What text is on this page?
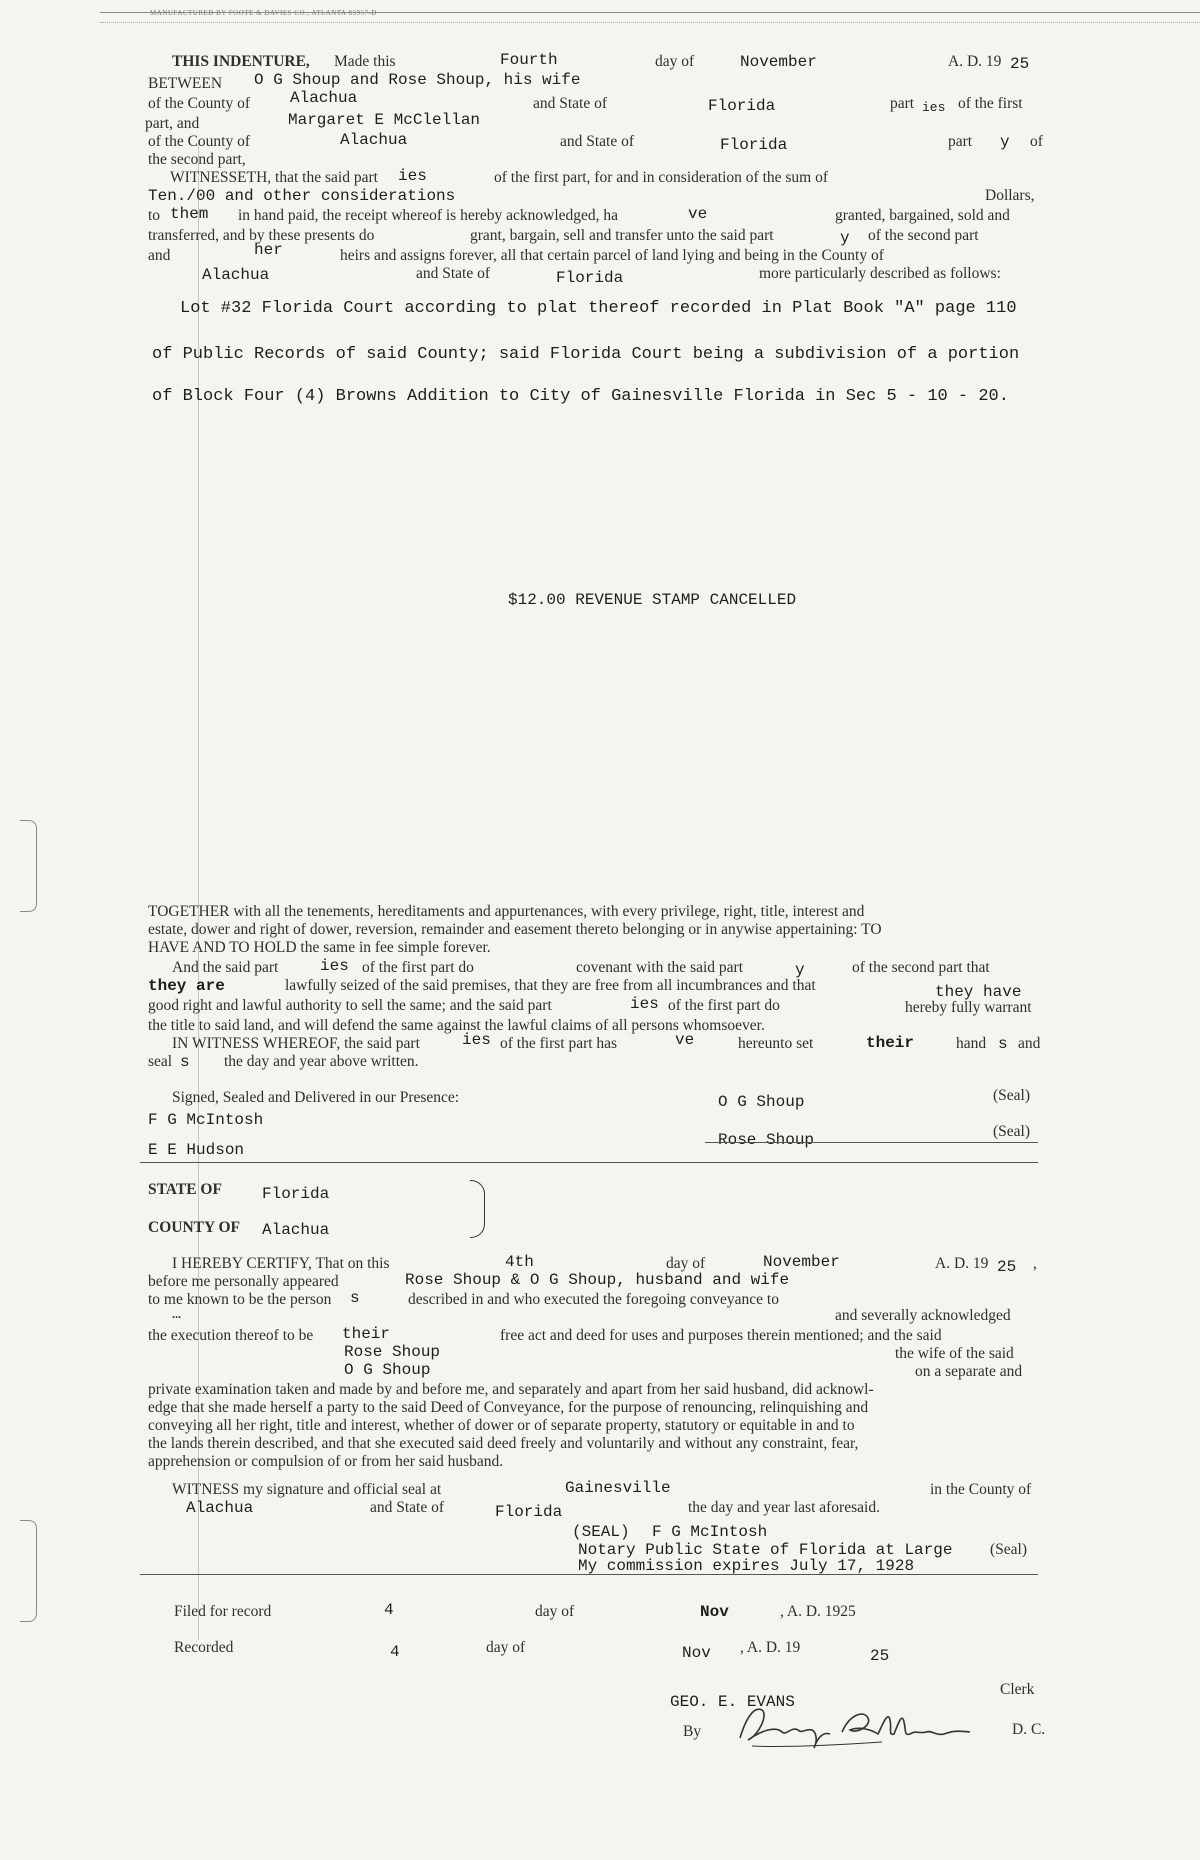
MANUFACTURED BY FOOTE & DAVIES CO., ATLANTA 85957-D
THIS INDENTURE, Made this	Fourth	day of	November	A. D. 19 25
BETWEEN O G Shoup and Rose Shoup, his wife
of the County of Alachua	and State of	Florida	part ies of the first
part, and	Margaret E McClellan
of the County of	Alachua	and State of	Florida	part y of
the second part,
WITNESSETH, that the said part ies	of the first part, for and in consideration of the sum of
Ten./00 and other considerations	Dollars,
to them in hand paid, the receipt whereof is hereby acknowledged, ha	ve	granted, bargained, sold and
transferred, and by these presents do	grant, bargain, sell and transfer unto the said part	y of the second part
and	her	heirs and assigns forever, all that certain parcel of land lying and being in the County of
Alachua	and State of	Florida	more particularly described as follows:
Lot #32 Florida Court according to plat thereof recorded in Plat Book "A" page 110
of Public Records of said County; said Florida Court being a subdivision of a portion
of Block Four (4) Browns Addition to City of Gainesville Florida in Sec 5 - 10 - 20.
$12.00 REVENUE STAMP CANCELLED
TOGETHER with all the tenements, hereditaments and appurtenances, with every privilege, right, title, interest and
estate, dower and right of dower, reversion, remainder and easement thereto belonging or in anywise appertaining: TO
HAVE AND TO HOLD the same in fee simple forever.
And the said part	ies of the first part do	covenant with the said part	y	of the second part that
they are	lawfully seized of the said premises, that they are free from all incumbrances and that	they have
good right and lawful authority to sell the same; and the said part	ies of the first part do	hereby fully warrant
the title to said land, and will defend the same against the lawful claims of all persons whomsoever.
IN WITNESS WHEREOF, the said part	ies of the first part has	ve	hereunto set	their	hand s and
seal s the day and year above written.
Signed, Sealed and Delivered in our Presence:
F G McIntosh
E E Hudson
O G Shoup
Rose Shoup
(Seal)
(Seal)
STATE OF	Florida
COUNTY OF Alachua
I HEREBY CERTIFY, That on this	4th	day of	November	A. D. 19 25 ,
before me personally appeared	Rose Shoup & O G Shoup, husband and wife
to me known to be the person s	described in and who executed the foregoing conveyance to
...	and severally acknowledged
the execution thereof to be their	free act and deed for uses and purposes therein mentioned; and the said
Rose Shoup	the wife of the said
O G Shoup	on a separate and
private examination taken and made by and before me, and separately and apart from her said husband, did acknowl-
edge that she made herself a party to the said Deed of Conveyance, for the purpose of renouncing, relinquishing and
conveying all her right, title and interest, whether of dower or of separate property, statutory or equitable in and to
the lands therein described, and that she executed said deed freely and voluntarily and without any constraint, fear,
apprehension or compulsion of or from her said husband.
WITNESS my signature and official seal at	Gainesville	in the County of
Alachua	and State of	Florida	the day and year last aforesaid.
(SEAL) F G McIntosh
Notary Public State of Florida at Large
My commission expires July 17, 1928
(Seal)
Filed for record	4	day of	Nov	, A. D. 1925
Recorded	4	day of	Nov , A. D. 19	25
GEO. E. EVANS
Clerk
By	D. C.
